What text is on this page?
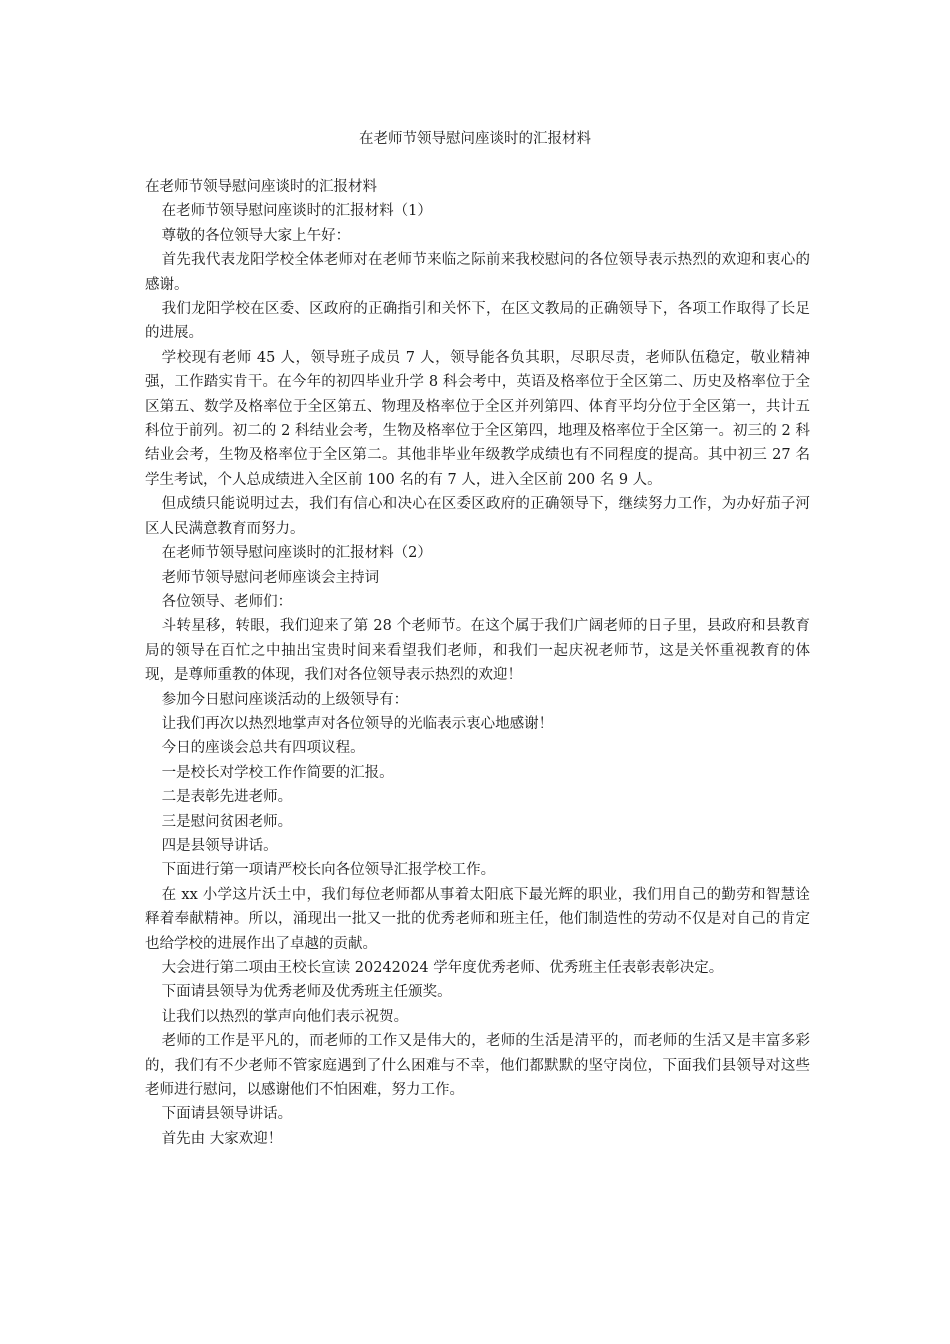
在老师节领导慰问座谈时的汇报材料

在老师节领导慰问座谈时的汇报材料

在老师节领导慰问座谈时的汇报材料（1）

尊敬的各位领导大家上午好：

首先我代表龙阳学校全体老师对在老师节来临之际前来我校慰问的各位领导表示热烈的欢迎和衷心的感谢。

我们龙阳学校在区委、区政府的正确指引和关怀下，在区文教局的正确领导下，各项工作取得了长足的进展。

学校现有老师 45 人，领导班子成员 7 人，领导能各负其职，尽职尽责，老师队伍稳定，敬业精神强，工作踏实肯干。在今年的初四毕业升学 8 科会考中，英语及格率位于全区第二、历史及格率位于全区第五、数学及格率位于全区第五、物理及格率位于全区并列第四、体育平均分位于全区第一，共计五科位于前列。初二的 2 科结业会考，生物及格率位于全区第四，地理及格率位于全区第一。初三的 2 科结业会考，生物及格率位于全区第二。其他非毕业年级教学成绩也有不同程度的提高。其中初三 27 名学生考试，个人总成绩进入全区前 100 名的有 7 人，进入全区前 200 名 9 人。

但成绩只能说明过去，我们有信心和决心在区委区政府的正确领导下，继续努力工作，为办好茄子河区人民满意教育而努力。

在老师节领导慰问座谈时的汇报材料（2）

老师节领导慰问老师座谈会主持词

各位领导、老师们：

斗转星移，转眼，我们迎来了第 28 个老师节。在这个属于我们广阔老师的日子里，县政府和县教育局的领导在百忙之中抽出宝贵时间来看望我们老师，和我们一起庆祝老师节，这是关怀重视教育的体现，是尊师重教的体现，我们对各位领导表示热烈的欢迎！

参加今日慰问座谈活动的上级领导有：

让我们再次以热烈地掌声对各位领导的光临表示衷心地感谢！

今日的座谈会总共有四项议程。

一是校长对学校工作作简要的汇报。

二是表彰先进老师。

三是慰问贫困老师。

四是县领导讲话。

下面进行第一项请严校长向各位领导汇报学校工作。

在 xx 小学这片沃土中，我们每位老师都从事着太阳底下最光辉的职业，我们用自己的勤劳和智慧诠释着奉献精神。所以，涌现出一批又一批的优秀老师和班主任，他们制造性的劳动不仅是对自己的肯定也给学校的进展作出了卓越的贡献。

大会进行第二项由王校长宣读 20242024 学年度优秀老师、优秀班主任表彰表彰决定。

下面请县领导为优秀老师及优秀班主任颁奖。

让我们以热烈的掌声向他们表示祝贺。

老师的工作是平凡的，而老师的工作又是伟大的，老师的生活是清平的，而老师的生活又是丰富多彩的，我们有不少老师不管家庭遇到了什么困难与不幸，他们都默默的坚守岗位，下面我们县领导对这些老师进行慰问，以感谢他们不怕困难，努力工作。

下面请县领导讲话。

首先由 大家欢迎！
